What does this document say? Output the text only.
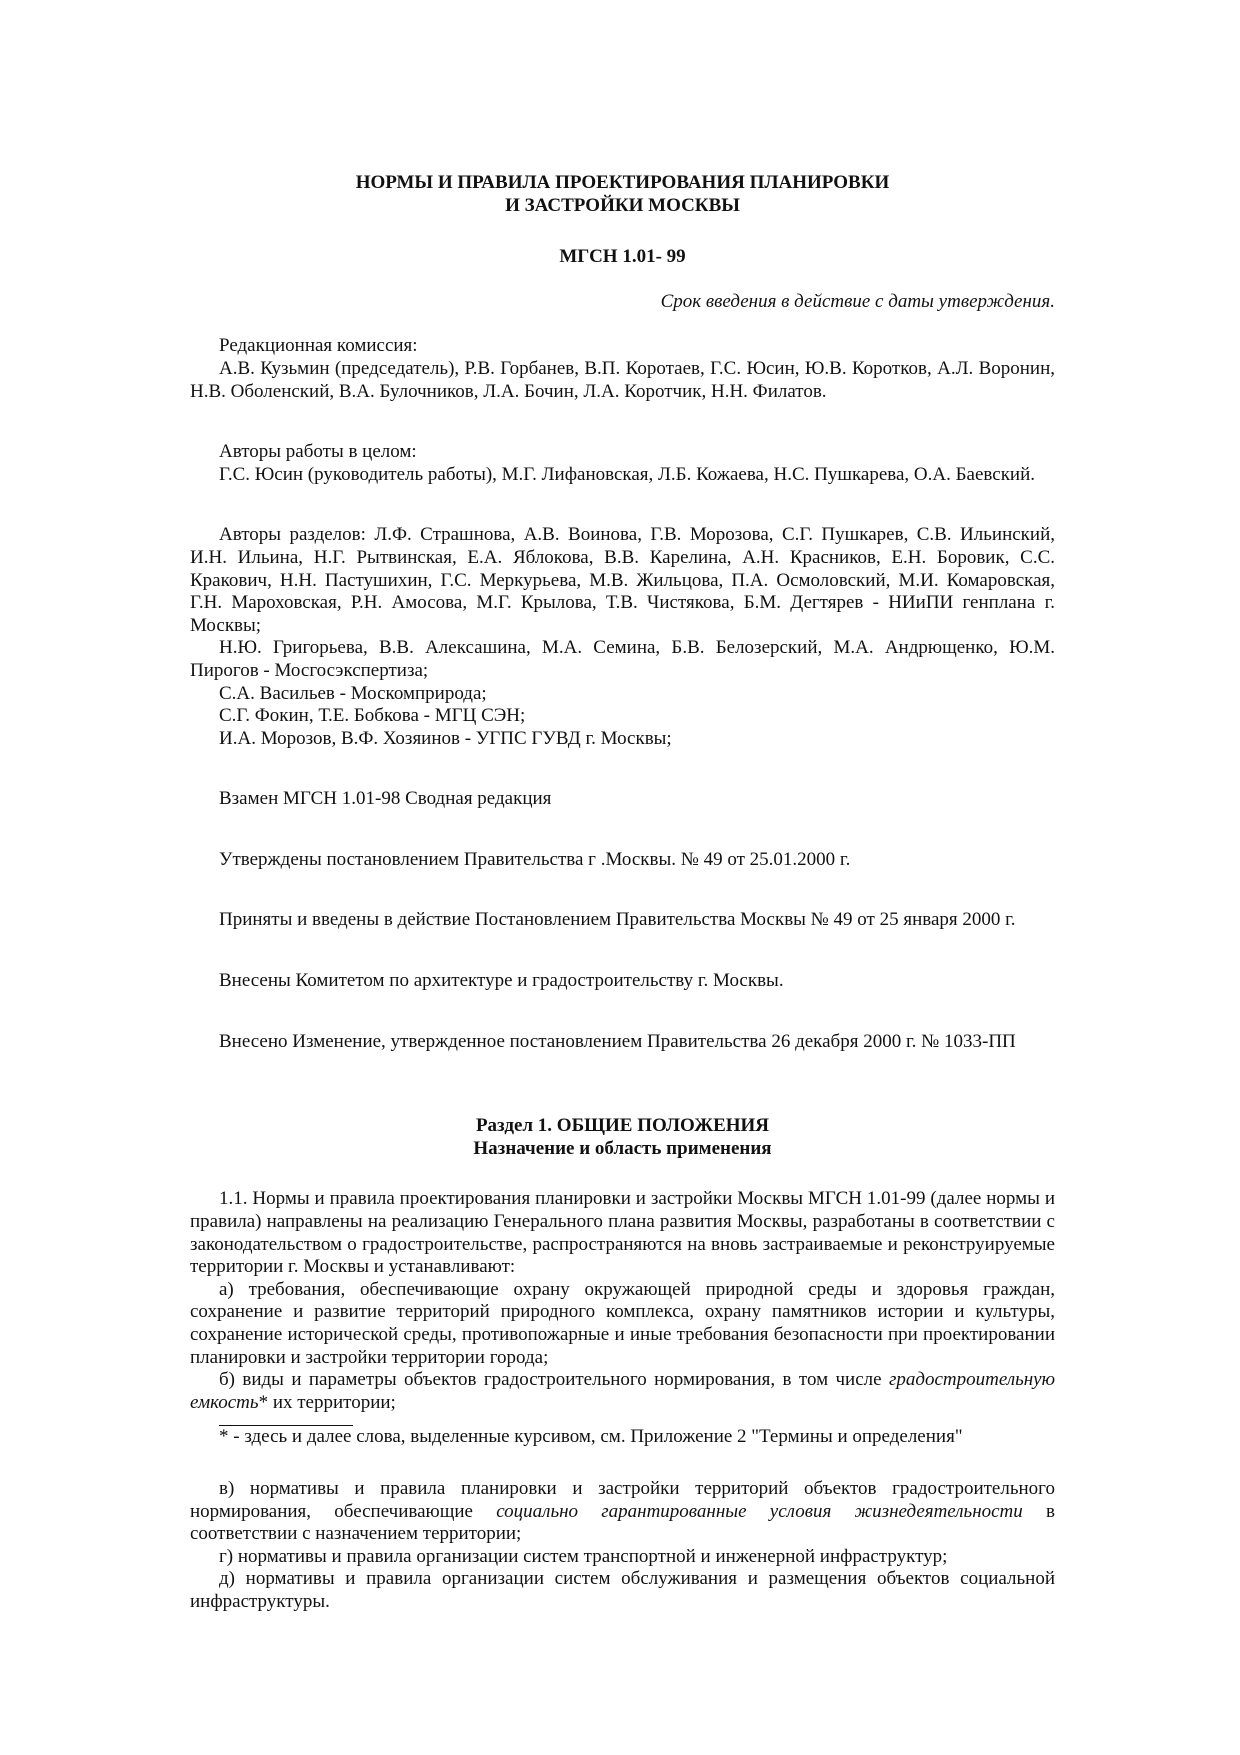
НОРМЫ И ПРАВИЛА ПРОЕКТИРОВАНИЯ ПЛАНИРОВКИ
И ЗАСТРОЙКИ МОСКВЫ
МГСН 1.01- 99
Срок введения в действие с даты утверждения.

Редакционная комиссия:

А.В. Кузьмин (председатель), Р.В. Горбанев, В.П. Коротаев, Г.С. Юсин, Ю.В. Коротков, А.Л. Воронин, Н.В. Оболенский, В.А. Булочников, Л.А. Бочин, Л.А. Коротчик, Н.Н. Филатов.

Авторы работы в целом:

Г.С. Юсин (руководитель работы), М.Г. Лифановская, Л.Б. Кожаева, Н.С. Пушкарева, О.А. Баевский.

Авторы разделов: Л.Ф. Страшнова, А.В. Воинова, Г.В. Морозова, С.Г. Пушкарев, С.В. Ильинский, И.Н. Ильина, Н.Г. Рытвинская, Е.А. Яблокова, В.В. Карелина, А.Н. Красников, Е.Н. Боровик, С.С. Кракович, Н.Н. Пастушихин, Г.С. Меркурьева, М.В. Жильцова, П.А. Осмоловский, М.И. Комаровская, Г.Н. Мароховская, Р.Н. Амосова, М.Г. Крылова, Т.В. Чистякова, Б.М. Дегтярев - НИиПИ генплана г. Москвы;

Н.Ю. Григорьева, В.В. Алексашина, М.А. Семина, Б.В. Белозерский, М.А. Андрющенко, Ю.М. Пирогов - Мосгосэкспертиза;

С.А. Васильев - Москомприрода;

С.Г. Фокин, Т.Е. Бобкова - МГЦ СЭН;

И.А. Морозов, В.Ф. Хозяинов - УГПС ГУВД г. Москвы;

Взамен МГСН 1.01-98 Сводная редакция

Утверждены постановлением Правительства г .Москвы. № 49 от 25.01.2000 г.

Приняты и введены в действие Постановлением Правительства Москвы № 49 от 25 января 2000 г.

Внесены Комитетом по архитектуре и градостроительству г. Москвы.

Внесено Изменение, утвержденное постановлением Правительства 26 декабря 2000 г. № 1033-ПП

Раздел 1. ОБЩИЕ ПОЛОЖЕНИЯ
Назначение и область применения

1.1. Нормы и правила проектирования планировки и застройки Москвы МГСН 1.01-99 (далее нормы и правила) направлены на реализацию Генерального плана развития Москвы, разработаны в соответствии с законодательством о градостроительстве, распространяются на вновь застраиваемые и реконструируемые территории г. Москвы и устанавливают:

а) требования, обеспечивающие охрану окружающей природной среды и здоровья граждан, сохранение и развитие территорий природного комплекса, охрану памятников истории и культуры, сохранение исторической среды, противопожарные и иные требования безопасности при проектировании планировки и застройки территории города;

б) виды и параметры объектов градостроительного нормирования, в том числе градостроительную емкость* их территории;

* - здесь и далее слова, выделенные курсивом, см. Приложение 2 "Термины и определения"

в) нормативы и правила планировки и застройки территорий объектов градостроительного нормирования, обеспечивающие социально гарантированные условия жизнедеятельности в соответствии с назначением территории;

г) нормативы и правила организации систем транспортной и инженерной инфраструктур;

д) нормативы и правила организации систем обслуживания и размещения объектов социальной инфраструктуры.
